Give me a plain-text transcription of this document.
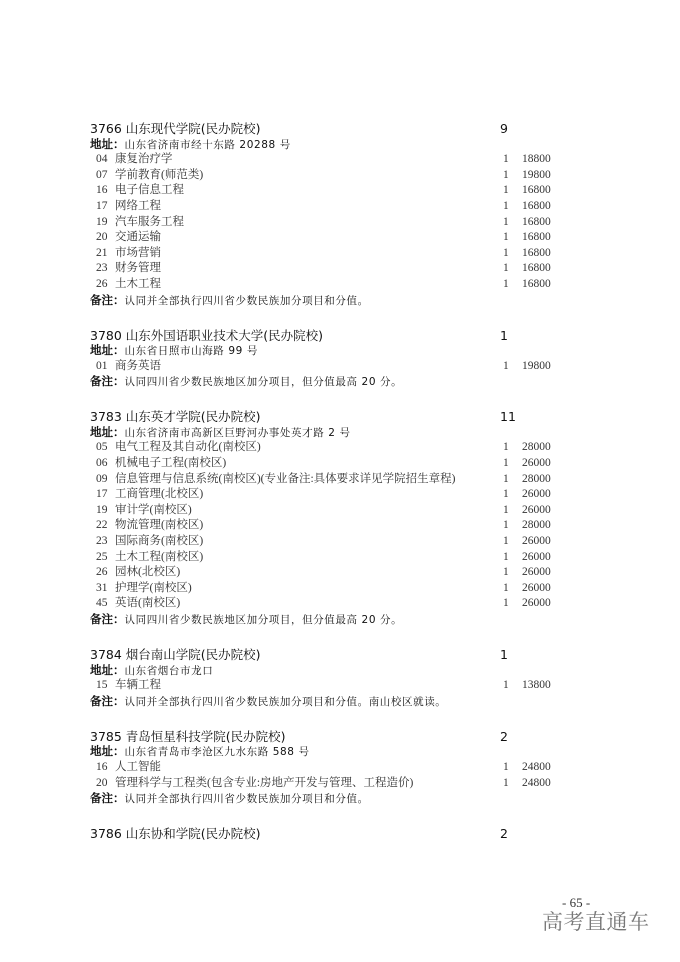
3766 山东现代学院(民办院校)	9
地址：山东省济南市经十东路 20288 号
04 康复治疗学	1 18800
07 学前教育(师范类)	1 19800
16 电子信息工程	1 16800
17 网络工程	1 16800
19 汽车服务工程	1 16800
20 交通运输	1 16800
21 市场营销	1 16800
23 财务管理	1 16800
26 土木工程	1 16800
备注：认同并全部执行四川省少数民族加分项目和分值。
3780 山东外国语职业技术大学(民办院校)	1
地址：山东省日照市山海路 99 号
01 商务英语	1 19800
备注：认同四川省少数民族地区加分项目，但分值最高 20 分。
3783 山东英才学院(民办院校)	11
地址：山东省济南市高新区巨野河办事处英才路 2 号
05 电气工程及其自动化(南校区)	1 28000
06 机械电子工程(南校区)	1 26000
09 信息管理与信息系统(南校区)(专业备注:具体要求详见学院招生章程)	1 28000
17 工商管理(北校区)	1 26000
19 审计学(南校区)	1 26000
22 物流管理(南校区)	1 28000
23 国际商务(南校区)	1 26000
25 土木工程(南校区)	1 26000
26 园林(北校区)	1 26000
31 护理学(南校区)	1 26000
45 英语(南校区)	1 26000
备注：认同四川省少数民族地区加分项目，但分值最高 20 分。
3784 烟台南山学院(民办院校)	1
地址：山东省烟台市龙口
15 车辆工程	1 13800
备注：认同并全部执行四川省少数民族加分项目和分值。南山校区就读。
3785 青岛恒星科技学院(民办院校)	2
地址：山东省青岛市李沧区九水东路 588 号
16 人工智能	1 24800
20 管理科学与工程类(包含专业:房地产开发与管理、工程造价)	1 24800
备注：认同并全部执行四川省少数民族加分项目和分值。
3786 山东协和学院(民办院校)	2
- 65 -
高考直通车
